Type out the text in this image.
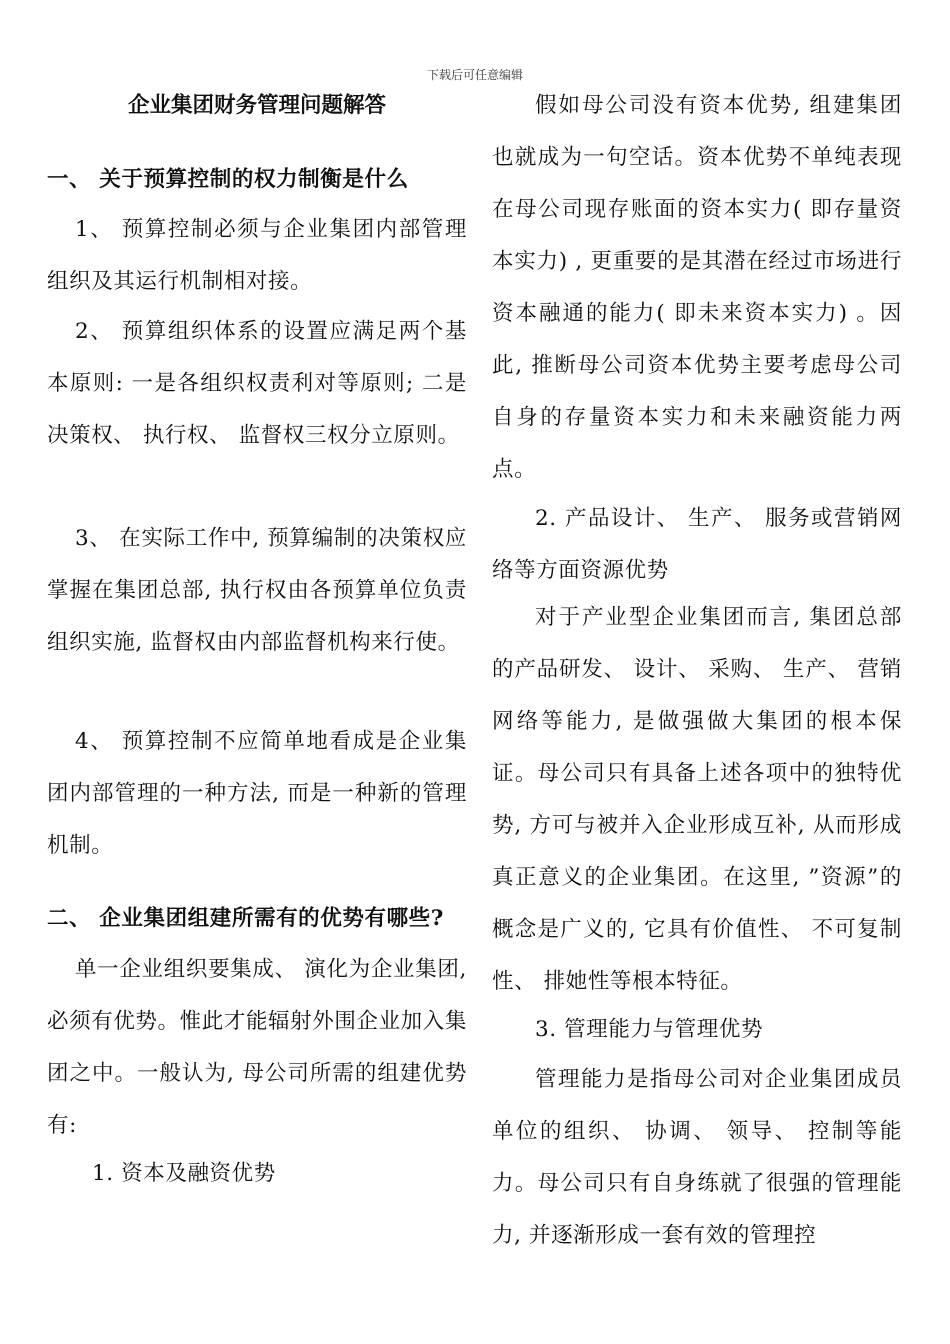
下载后可任意编辑
企业集团财务管理问题解答

一、 关于预算控制的权力制衡是什么

1、 预算控制必须与企业集团内部管理组织及其运行机制相对接。

2、 预算组织体系的设置应满足两个基本原则: 一是各组织权责利对等原则; 二是决策权、 执行权、 监督权三权分立原则。

3、 在实际工作中, 预算编制的决策权应掌握在集团总部, 执行权由各预算单位负责组织实施, 监督权由内部监督机构来行使。

4、 预算控制不应简单地看成是企业集团内部管理的一种方法, 而是一种新的管理机制。

二、 企业集团组建所需有的优势有哪些?

单一企业组织要集成、 演化为企业集团, 必须有优势。惟此才能辐射外围企业加入集团之中。一般认为, 母公司所需的组建优势有:

1. 资本及融资优势

假如母公司没有资本优势, 组建集团也就成为一句空话。资本优势不单纯表现在母公司现存账面的资本实力( 即存量资本实力) , 更重要的是其潜在经过市场进行资本融通的能力( 即未来资本实力) 。因此, 推断母公司资本优势主要考虑母公司自身的存量资本实力和未来融资能力两点。

2. 产品设计、 生产、 服务或营销网络等方面资源优势

对于产业型企业集团而言, 集团总部的产品研发、 设计、 采购、 生产、 营销网络等能力, 是做强做大集团的根本保证。母公司只有具备上述各项中的独特优势, 方可与被并入企业形成互补, 从而形成真正意义的企业集团。在这里, ”资源”的概念是广义的, 它具有价值性、 不可复制性、 排她性等根本特征。

3. 管理能力与管理优势

管理能力是指母公司对企业集团成员单位的组织、 协调、 领导、 控制等能力。母公司只有自身练就了很强的管理能力, 并逐渐形成一套有效的管理控
